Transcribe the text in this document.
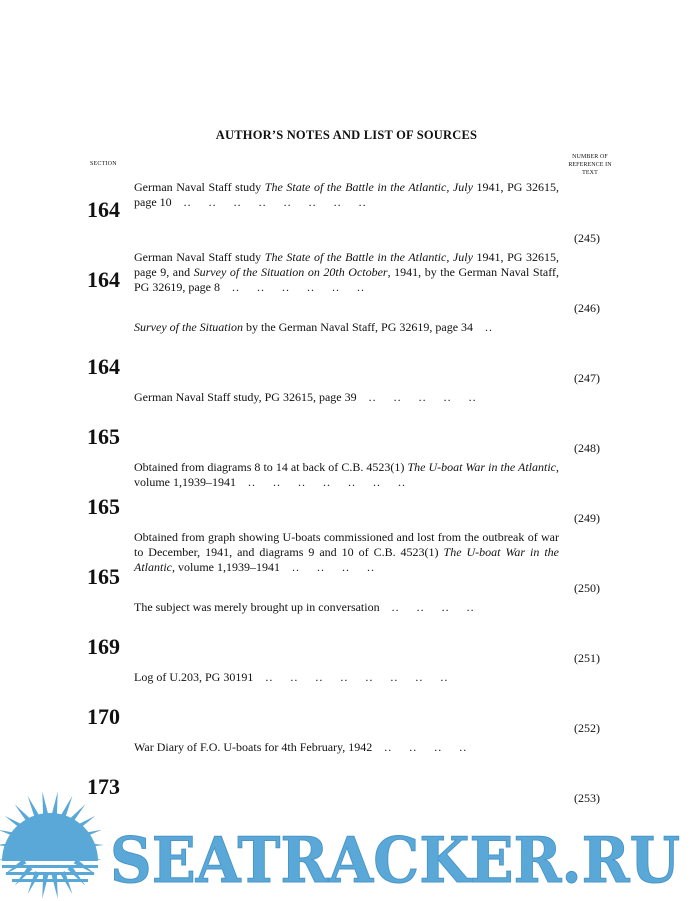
AUTHOR’S NOTES AND LIST OF SOURCES
SECTION
NUMBER OF REFERENCE IN TEXT
164
German Naval Staff study The State of the Battle in the Atlantic, July 1941, PG 32615, page 10 .. .. .. .. .. .. .. ..
(245)
164
German Naval Staff study The State of the Battle in the Atlantic, July 1941, PG 32615, page 9, and Survey of the Situation on 20th October, 1941, by the German Naval Staff, PG 32619, page 8 .. .. .. .. .. ..
(246)
164
Survey of the Situation by the German Naval Staff, PG 32619, page 34 ..
(247)
165
German Naval Staff study, PG 32615, page 39 .. .. .. .. ..
(248)
165
Obtained from diagrams 8 to 14 at back of C.B. 4523(1) The U-boat War in the Atlantic, volume 1,1939–1941 .. .. .. .. .. .. ..
(249)
165
Obtained from graph showing U-boats commissioned and lost from the outbreak of war to December, 1941, and diagrams 9 and 10 of C.B. 4523(1) The U-boat War in the Atlantic, volume 1,1939–1941 .. .. .. ..
(250)
169
The subject was merely brought up in conversation .. .. .. ..
(251)
170
Log of U.203, PG 30191 .. .. .. .. .. .. .. ..
(252)
173
War Diary of F.O. U-boats for 4th February, 1942 .. .. .. ..
(253)
SEATRACKER.RU
